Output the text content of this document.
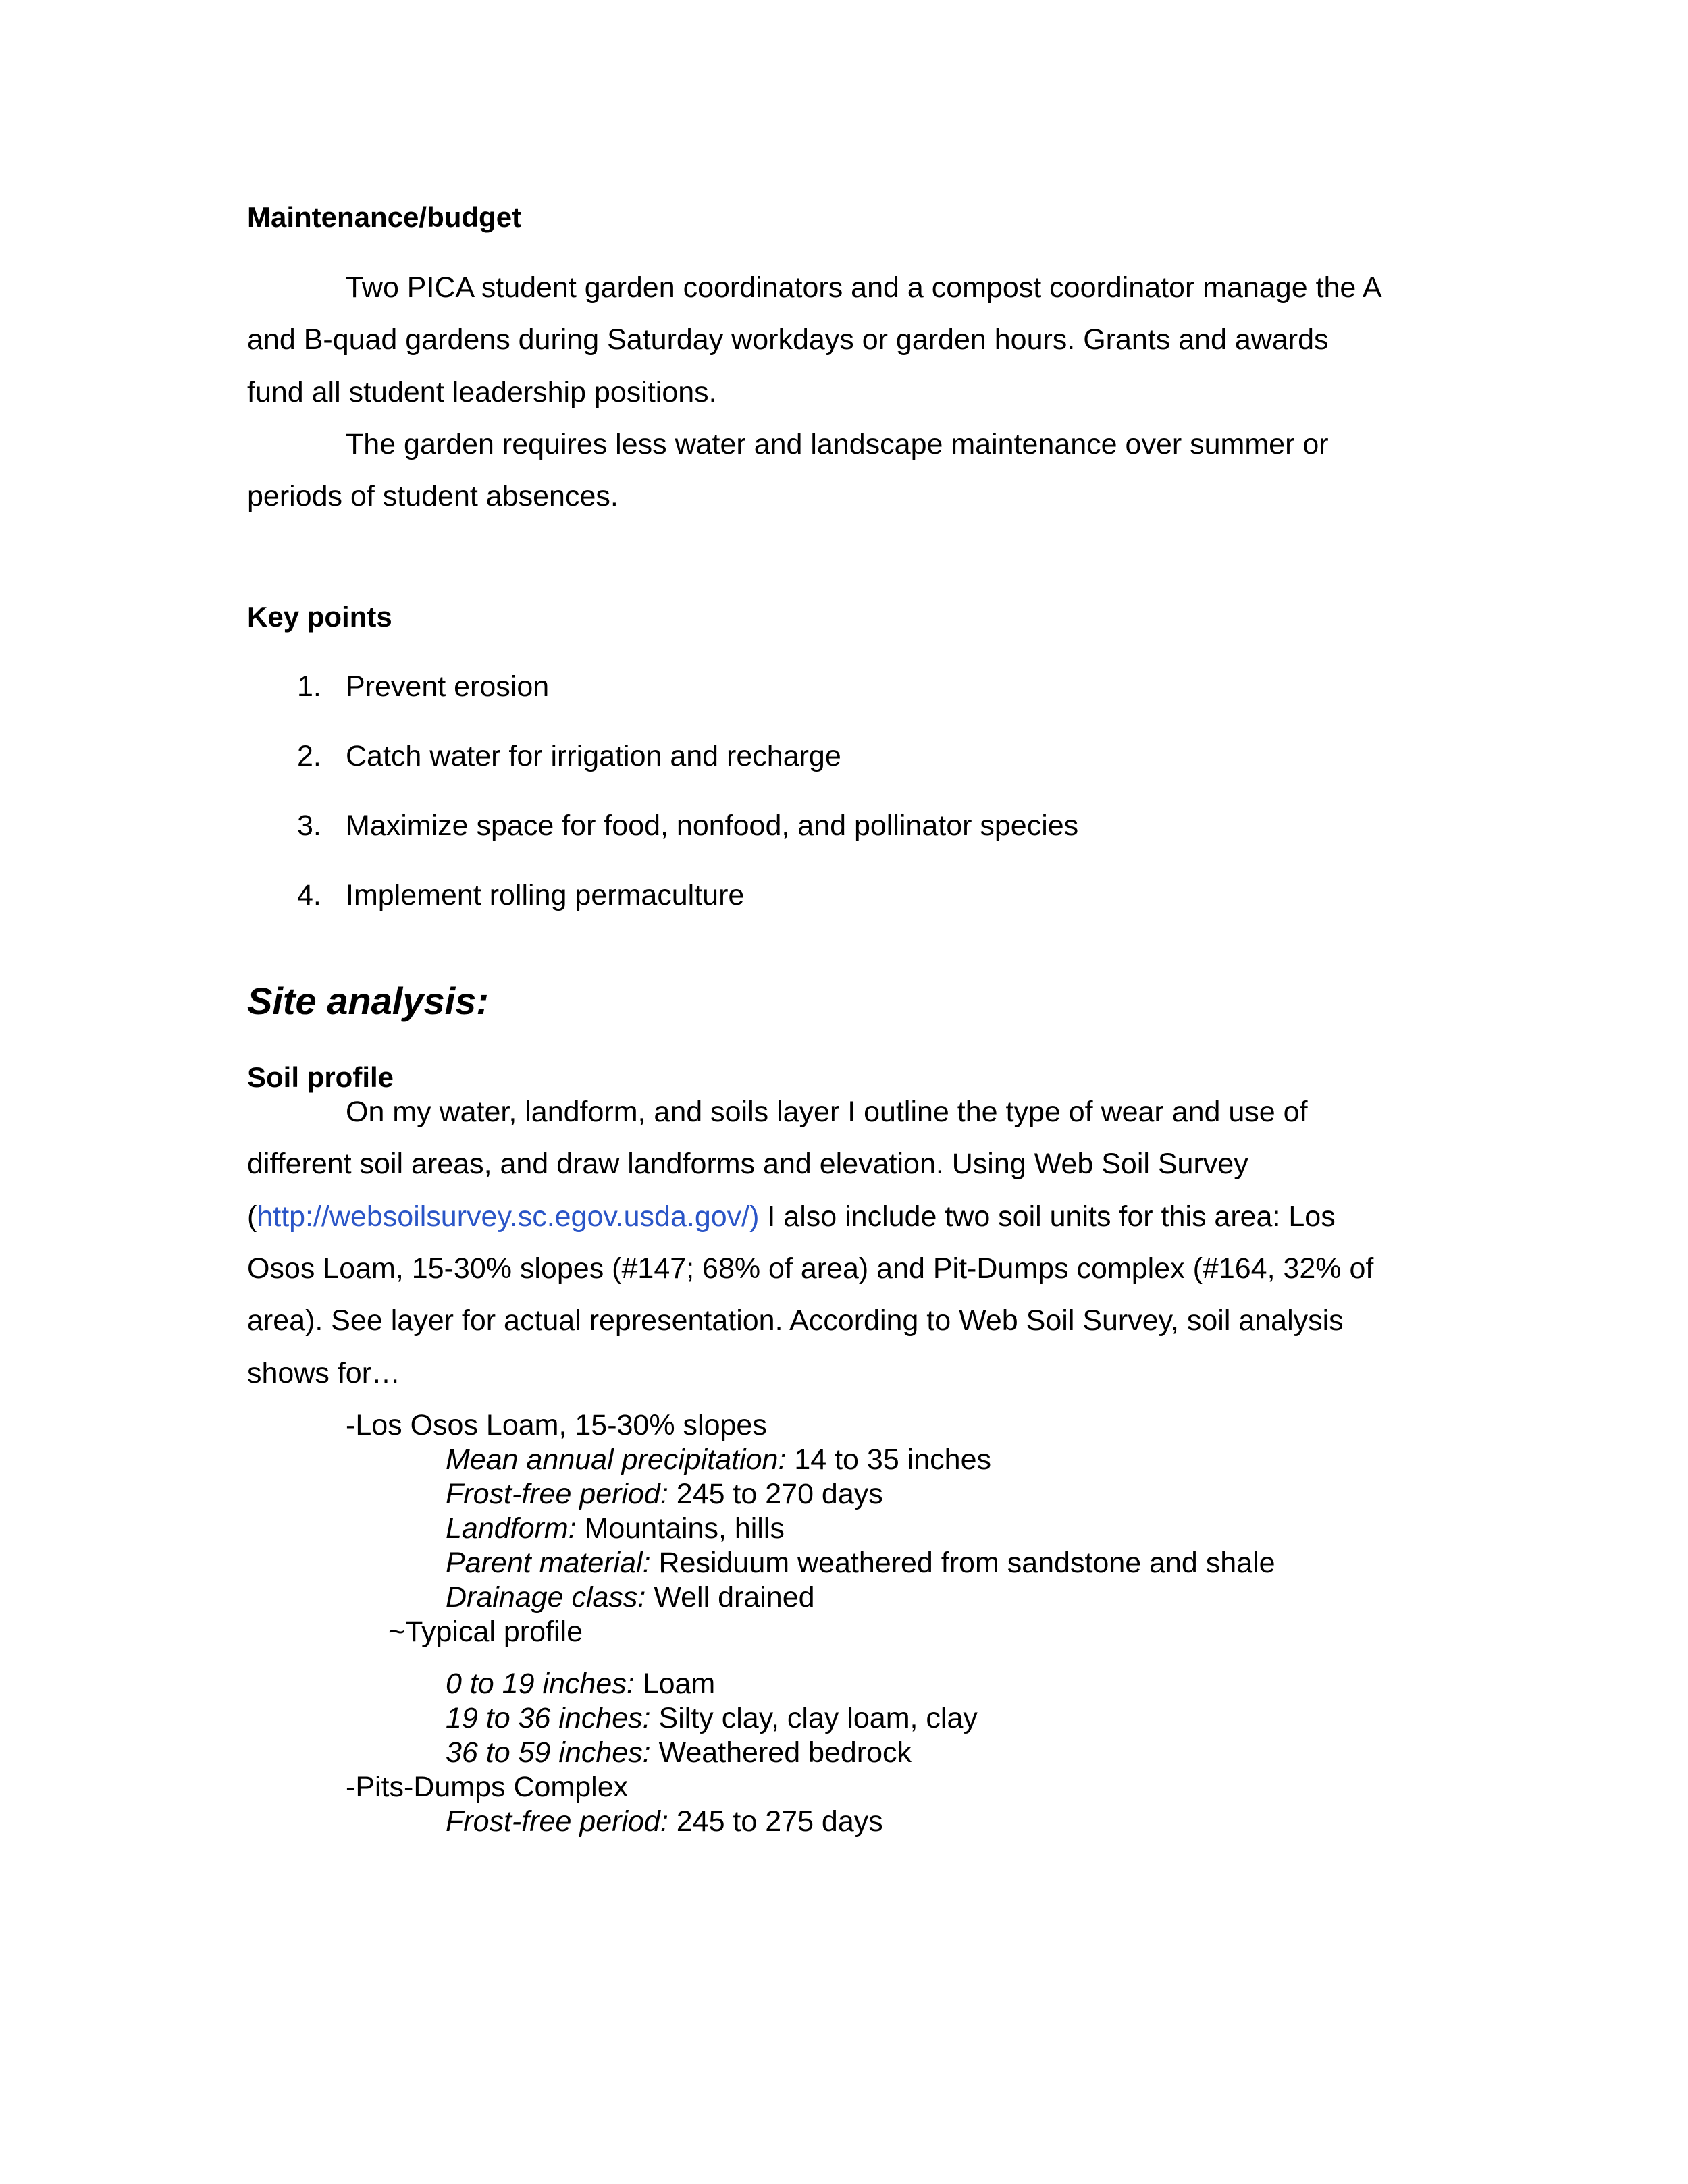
Maintenance/budget
Two PICA student garden coordinators and a compost coordinator manage the A
and B-quad gardens during Saturday workdays or garden hours. Grants and awards
fund all student leadership positions.
The garden requires less water and landscape maintenance over summer or
periods of student absences.
Key points
1. Prevent erosion
2. Catch water for irrigation and recharge
3. Maximize space for food, nonfood, and pollinator species
4. Implement rolling permaculture
Site analysis:
Soil profile
On my water, landform, and soils layer I outline the type of wear and use of
different soil areas, and draw landforms and elevation. Using Web Soil Survey
(http://websoilsurvey.sc.egov.usda.gov/) I also include two soil units for this area: Los
Osos Loam, 15-30% slopes (#147; 68% of area) and Pit-Dumps complex (#164, 32% of
area). See layer for actual representation. According to Web Soil Survey, soil analysis
shows for…
-Los Osos Loam, 15-30% slopes
Mean annual precipitation: 14 to 35 inches
Frost-free period: 245 to 270 days
Landform: Mountains, hills
Parent material: Residuum weathered from sandstone and shale
Drainage class: Well drained
~Typical profile
0 to 19 inches: Loam
19 to 36 inches: Silty clay, clay loam, clay
36 to 59 inches: Weathered bedrock
-Pits-Dumps Complex
Frost-free period: 245 to 275 days
